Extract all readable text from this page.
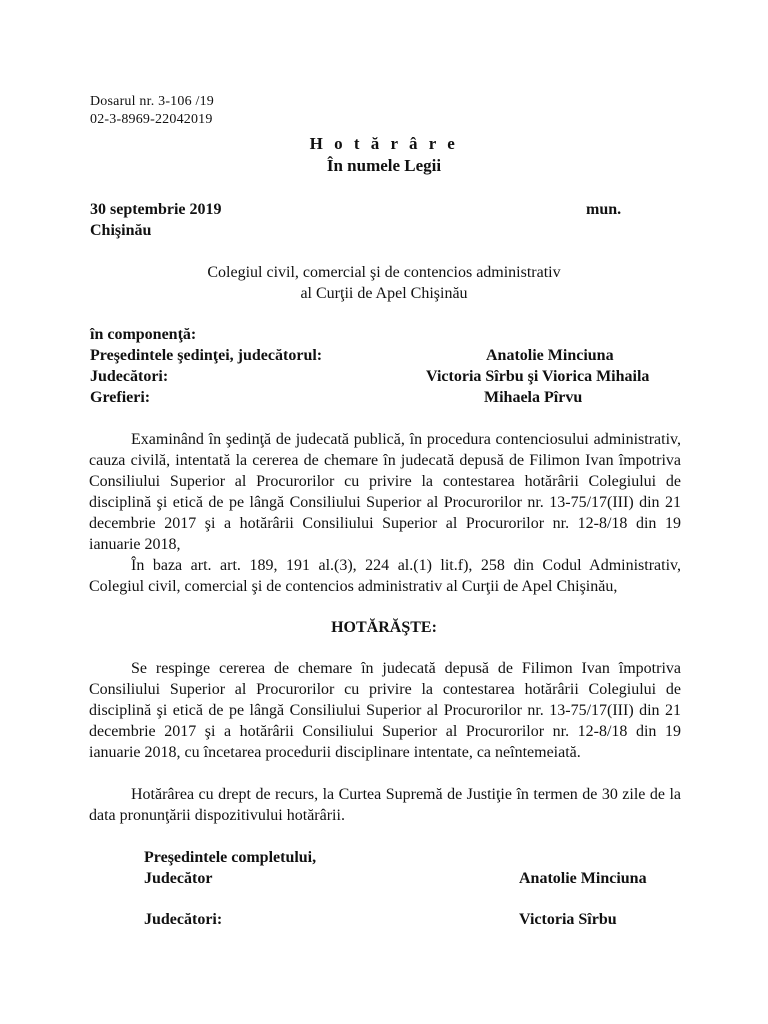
Dosarul nr. 3-106 /19
02-3-8969-22042019
H o t ă r â r e
În numele Legii
30 septembrie 2019	mun.
Chişinău
Colegiul civil, comercial şi de contencios administrativ
al Curţii de Apel Chişinău
în componenţă:
Preşedintele şedinţei, judecătorul:	Anatolie Minciuna
Judecători:	Victoria Sîrbu şi Viorica Mihaila
Grefieri:	Mihaela Pîrvu

Examinând în şedinţă de judecată publică, în procedura contenciosului administrativ, cauza civilă, intentată la cererea de chemare în judecată depusă de Filimon Ivan împotriva Consiliului Superior al Procurorilor cu privire la contestarea hotărârii Colegiului de disciplină şi etică de pe lângă Consiliului Superior al Procurorilor nr. 13-75/17(III) din 21 decembrie 2017 şi a hotărârii Consiliului Superior al Procurorilor nr. 12-8/18 din 19 ianuarie 2018,

În baza art. art. 189, 191 al.(3), 224 al.(1) lit.f), 258 din Codul Administrativ, Colegiul civil, comercial şi de contencios administrativ al Curţii de Apel Chişinău,

HOTĂRĂŞTE:

Se respinge cererea de chemare în judecată depusă de Filimon Ivan împotriva Consiliului Superior al Procurorilor cu privire la contestarea hotărârii Colegiului de disciplină şi etică de pe lângă Consiliului Superior al Procurorilor nr. 13-75/17(III) din 21 decembrie 2017 şi a hotărârii Consiliului Superior al Procurorilor nr. 12-8/18 din 19 ianuarie 2018, cu încetarea procedurii disciplinare intentate, ca neîntemeiată.

Hotărârea cu drept de recurs, la Curtea Supremă de Justiţie în termen de 30 zile de la data pronunţării dispozitivului hotărârii.

Preşedintele completului,
Judecător	Anatolie Minciuna
Judecători:	Victoria Sîrbu
